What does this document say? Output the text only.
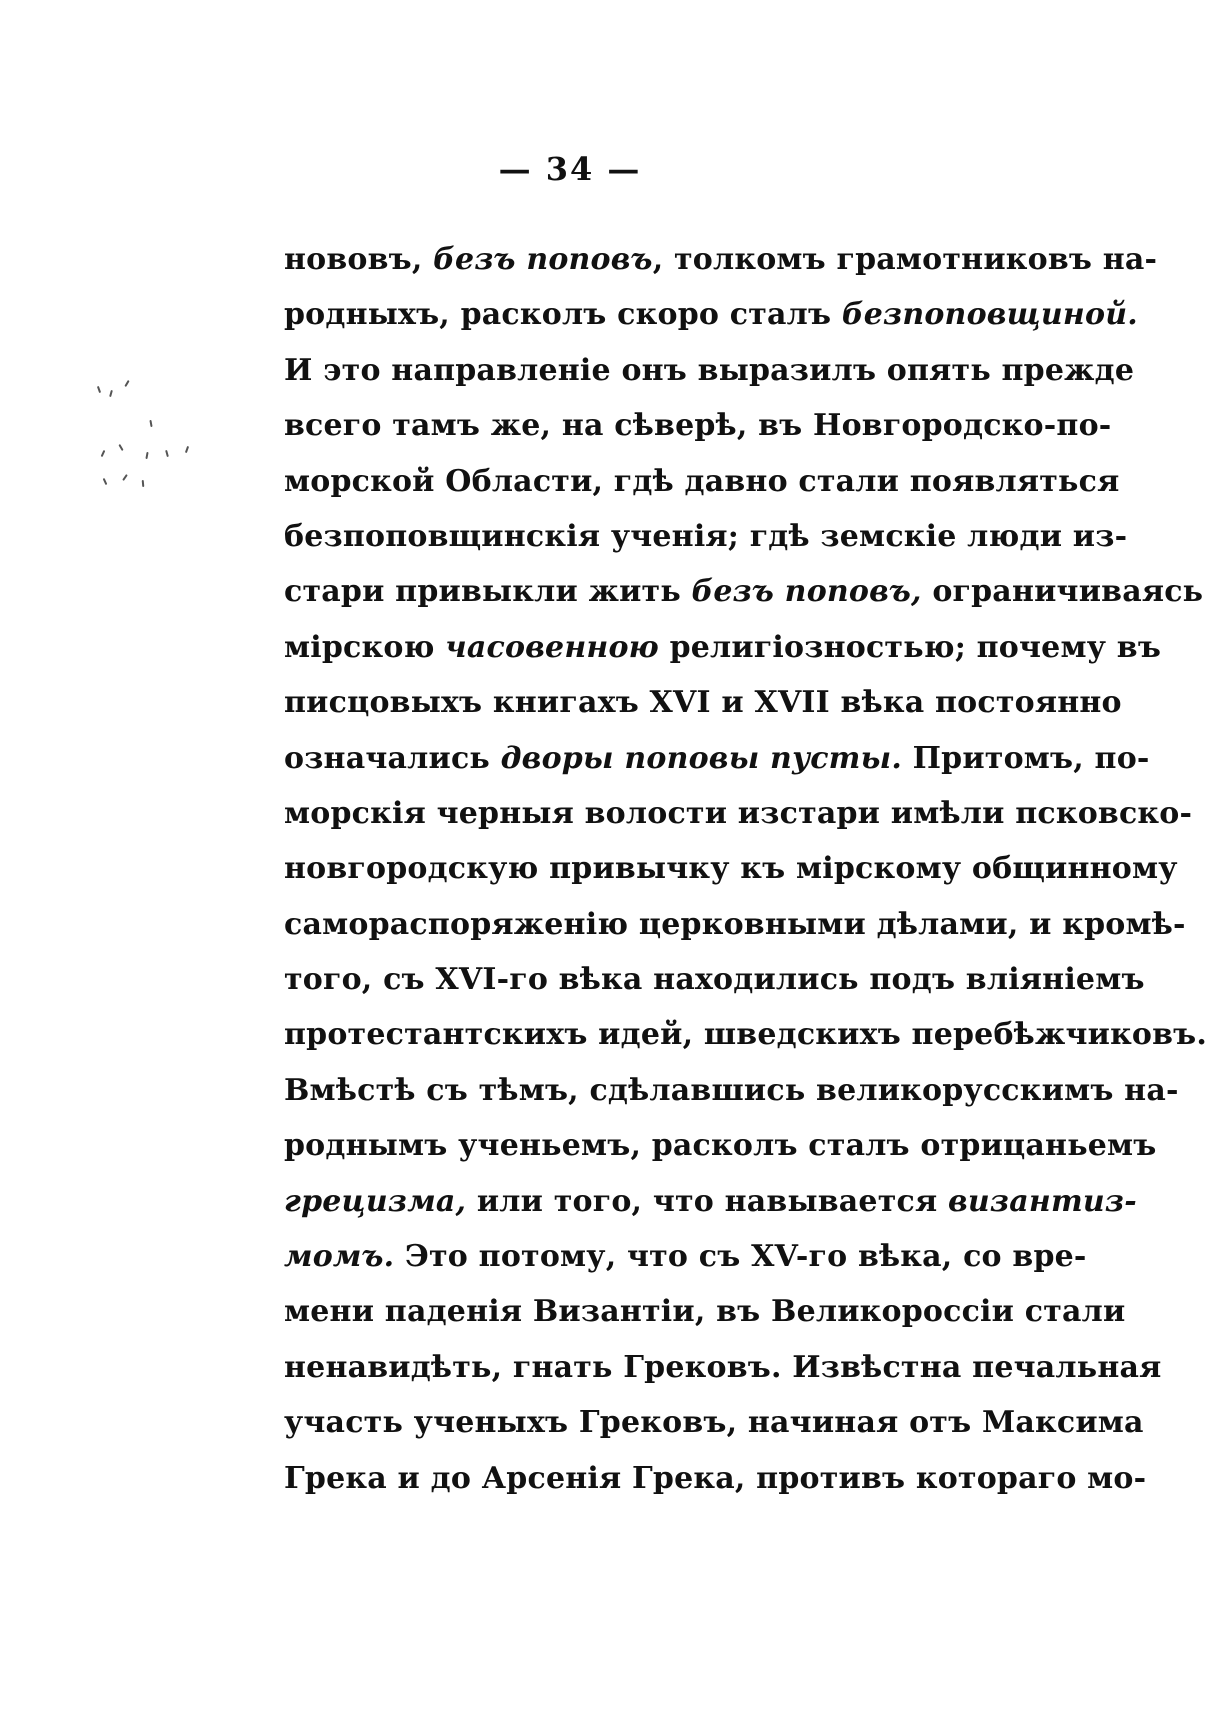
— 34 —
нововъ, безъ поповъ, толкомъ грамотниковъ на-
родныхъ, расколъ скоро сталъ безпоповщиной.
И это направленіе онъ выразилъ опять прежде
всего тамъ же, на сѣверѣ, въ Новгородско-по-
морской Области, гдѣ давно стали появляться
безпоповщинскія ученія; гдѣ земскіе люди из-
стари привыкли жить безъ поповъ, ограничиваясь
мірскою часовенною религіозностью; почему въ
писцовыхъ книгахъ XVI и XVII вѣка постоянно
означались дворы поповы пусты. Притомъ, по-
морскія черныя волости изстари имѣли псковско-
новгородскую привычку къ мірскому общинному
самораспоряженію церковными дѣлами, и кромѣ-
того, съ XVI-го вѣка находились подъ вліяніемъ
протестантскихъ идей, шведскихъ перебѣжчиковъ.
Вмѣстѣ съ тѣмъ, сдѣлавшись великорусскимъ на-
роднымъ ученьемъ, расколъ сталъ отрицаньемъ
грецизма, или того, что навывается византиз-
момъ. Это потому, что съ XV-го вѣка, со вре-
мени паденія Византіи, въ Великороссіи стали
ненавидѣть, гнать Грековъ. Извѣстна печальная
участь ученыхъ Грековъ, начиная отъ Максима
Грека и до Арсенія Грека, противъ котораго мо-
